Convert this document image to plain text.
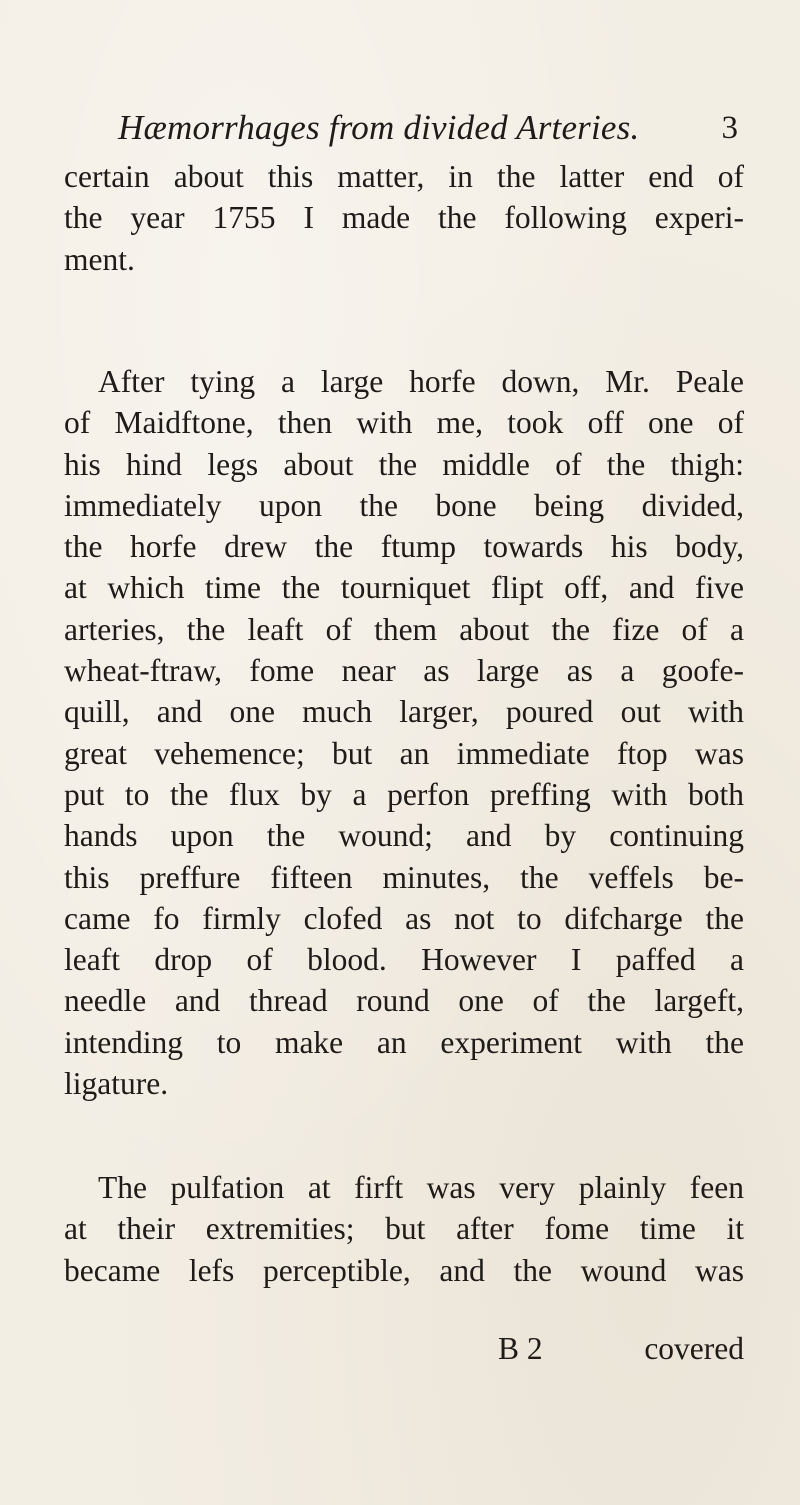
Hæmorrhages from divided Arteries. 3
certain about this matter, in the latter end of
the year 1755 I made the following experi-
ment.
After tying a large horfe down, Mr. Peale
of Maidftone, then with me, took off one of
his hind legs about the middle of the thigh:
immediately upon the bone being divided,
the horfe drew the ftump towards his body,
at which time the tourniquet flipt off, and five
arteries, the leaft of them about the fize of a
wheat-ftraw, fome near as large as a goofe-
quill, and one much larger, poured out with
great vehemence; but an immediate ftop was
put to the flux by a perfon preffing with both
hands upon the wound; and by continuing
this preffure fifteen minutes, the veffels be-
came fo firmly clofed as not to difcharge the
leaft drop of blood. However I paffed a
needle and thread round one of the largeft,
intending to make an experiment with the
ligature.
The pulfation at firft was very plainly feen
at their extremities; but after fome time it
became lefs perceptible, and the wound was
B 2	covered
